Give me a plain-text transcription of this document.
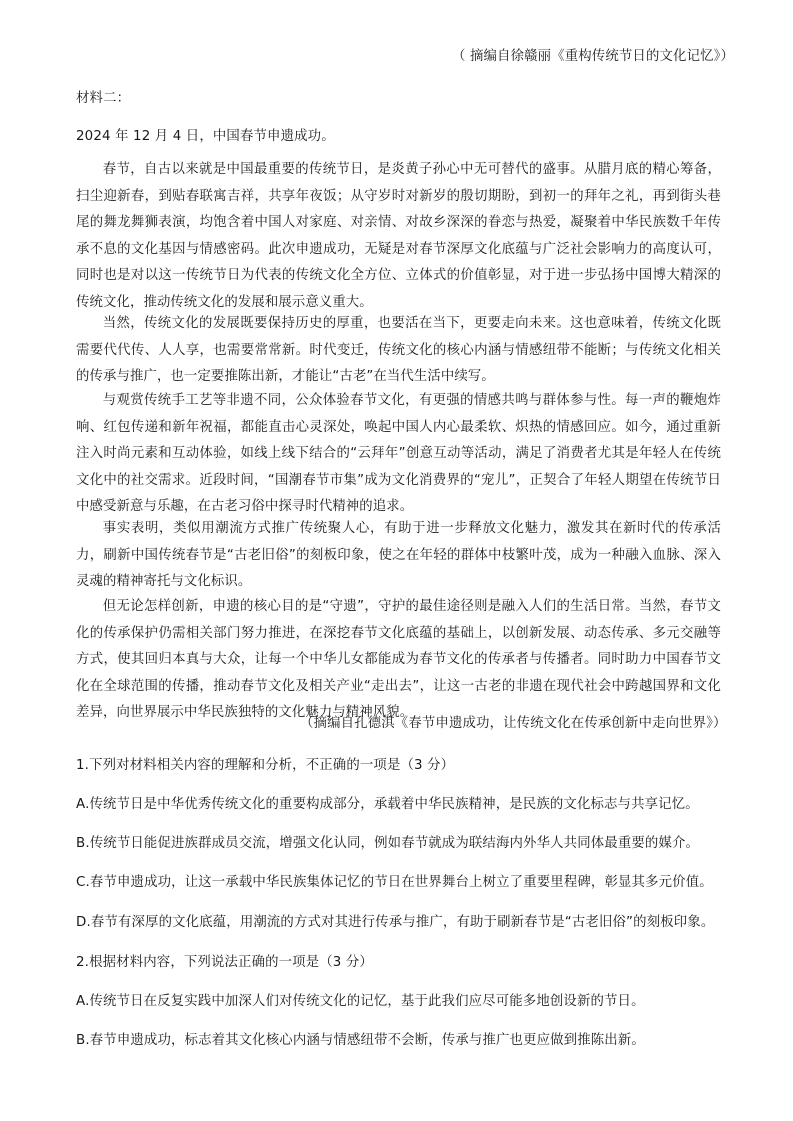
（ 摘编自徐赣丽《重构传统节日的文化记忆》）
材料二：
2024 年 12 月 4 日，中国春节申遗成功。
春节，自古以来就是中国最重要的传统节日，是炎黄子孙心中无可替代的盛事。从腊月底的精心筹备，扫尘迎新春，到贴春联寓吉祥，共享年夜饭；从守岁时对新岁的殷切期盼，到初一的拜年之礼，再到街头巷尾的舞龙舞狮表演，均饱含着中国人对家庭、对亲情、对故乡深深的眷恋与热爱，凝聚着中华民族数千年传承不息的文化基因与情感密码。此次申遗成功，无疑是对春节深厚文化底蕴与广泛社会影响力的高度认可，同时也是对以这一传统节日为代表的传统文化全方位、立体式的价值彰显，对于进一步弘扬中国博大精深的传统文化，推动传统文化的发展和展示意义重大。
当然，传统文化的发展既要保持历史的厚重，也要活在当下，更要走向未来。这也意味着，传统文化既需要代代传、人人享，也需要常常新。时代变迁，传统文化的核心内涵与情感纽带不能断；与传统文化相关的传承与推广，也一定要推陈出新，才能让“古老”在当代生活中续写。
与观赏传统手工艺等非遗不同，公众体验春节文化，有更强的情感共鸣与群体参与性。每一声的鞭炮炸响、红包传递和新年祝福，都能直击心灵深处，唤起中国人内心最柔软、炽热的情感回应。如今，通过重新注入时尚元素和互动体验，如线上线下结合的“云拜年”创意互动等活动，满足了消费者尤其是年轻人在传统文化中的社交需求。近段时间，“国潮春节市集”成为文化消费界的“宠儿”，正契合了年轻人期望在传统节日中感受新意与乐趣，在古老习俗中探寻时代精神的追求。
事实表明，类似用潮流方式推广传统聚人心，有助于进一步释放文化魅力，激发其在新时代的传承活力，刷新中国传统春节是“古老旧俗”的刻板印象，使之在年轻的群体中枝繁叶茂，成为一种融入血脉、深入灵魂的精神寄托与文化标识。
但无论怎样创新，申遗的核心目的是“守遗”，守护的最佳途径则是融入人们的生活日常。当然，春节文化的传承保护仍需相关部门努力推进，在深挖春节文化底蕴的基础上，以创新发展、动态传承、多元交融等方式，使其回归本真与大众，让每一个中华儿女都能成为春节文化的传承者与传播者。同时助力中国春节文化在全球范围的传播，推动春节文化及相关产业“走出去”，让这一古老的非遗在现代社会中跨越国界和文化差异，向世界展示中华民族独特的文化魅力与精神风貌。
（摘编自孔德淇《春节申遗成功，让传统文化在传承创新中走向世界》）
1.下列对材料相关内容的理解和分析，不正确的一项是（3 分）
A.传统节日是中华优秀传统文化的重要构成部分，承载着中华民族精神，是民族的文化标志与共享记忆。
B.传统节日能促进族群成员交流，增强文化认同，例如春节就成为联结海内外华人共同体最重要的媒介。
C.春节申遗成功，让这一承载中华民族集体记忆的节日在世界舞台上树立了重要里程碑，彰显其多元价值。
D.春节有深厚的文化底蕴，用潮流的方式对其进行传承与推广，有助于刷新春节是“古老旧俗”的刻板印象。
2.根据材料内容，下列说法正确的一项是（3 分）
A.传统节日在反复实践中加深人们对传统文化的记忆，基于此我们应尽可能多地创设新的节日。
B.春节申遗成功，标志着其文化核心内涵与情感纽带不会断，传承与推广也更应做到推陈出新。
